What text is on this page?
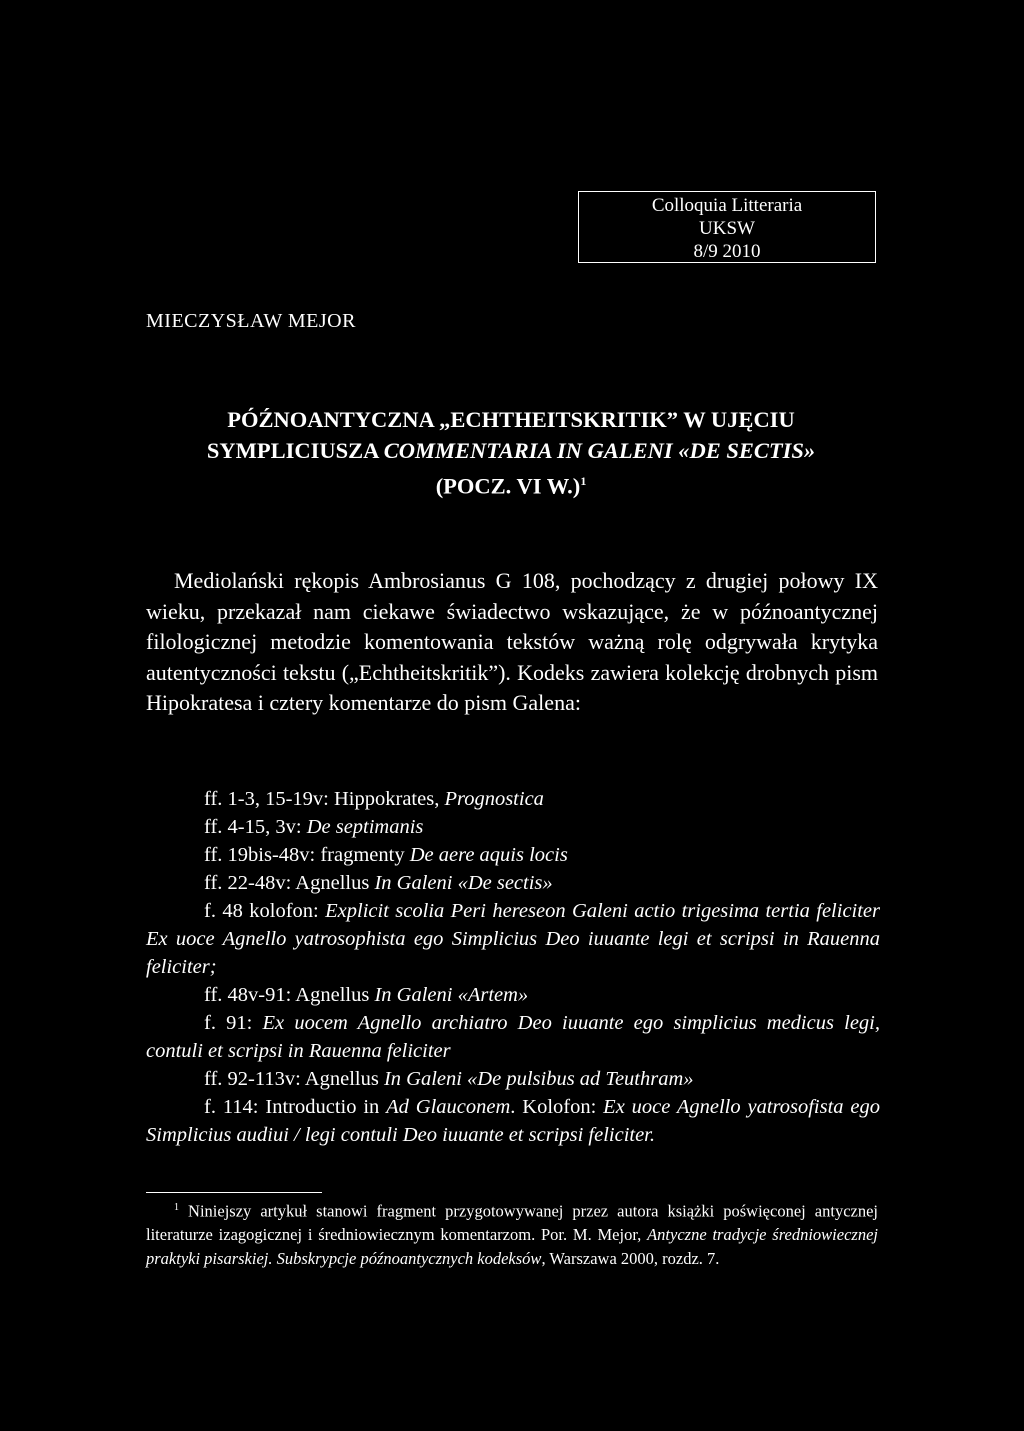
Colloquia Litteraria
UKSW
8/9 2010
MIECZYSŁAW MEJOR
PÓŹNOANTYCZNA „ECHTHEITSKRITIK” W UJĘCIU
SYMPLICIUSZA COMMENTARIA IN GALENI «DE SECTIS»
(POCZ. VI W.)$^1$

Mediolański rękopis Ambrosianus G 108, pochodzący z drugiej połowy IX wieku, przekazał nam ciekawe świadectwo wskazujące, że w późnoantycznej filologicznej metodzie komentowania tekstów ważną rolę odgrywała krytyka autentyczności tekstu („Echtheitskritik”). Kodeks zawiera kolekcję drobnych pism Hipokratesa i cztery komentarze do pism Galena:

ff. 1-3, 15-19v: Hippokrates, Prognostica
ff. 4-15, 3v: De septimanis
ff. 19bis-48v: fragmenty De aere aquis locis
ff. 22-48v: Agnellus In Galeni «De sectis»
f. 48 kolofon: Explicit scolia Peri hereseon Galeni actio trigesima tertia feliciter Ex uoce Agnello yatrosophista ego Simplicius Deo iuuante legi et scripsi in Rauenna feliciter;
ff. 48v-91: Agnellus In Galeni «Artem»
f. 91: Ex uocem Agnello archiatro Deo iuuante ego simplicius medicus legi, contuli et scripsi in Rauenna feliciter
ff. 92-113v: Agnellus In Galeni «De pulsibus ad Teuthram»
f. 114: Introductio in Ad Glauconem. Kolofon: Ex uoce Agnello yatrosofista ego Simplicius audiui / legi contuli Deo iuuante et scripsi feliciter.

$^1$ Niniejszy artykuł stanowi fragment przygotowywanej przez autora książki poświęconej antycznej literaturze izagogicznej i średniowiecznym komentarzom. Por. M. Mejor, Antyczne tradycje średniowiecznej praktyki pisarskiej. Subskrypcje późnoantycznych kodeksów, Warszawa 2000, rozdz. 7.
